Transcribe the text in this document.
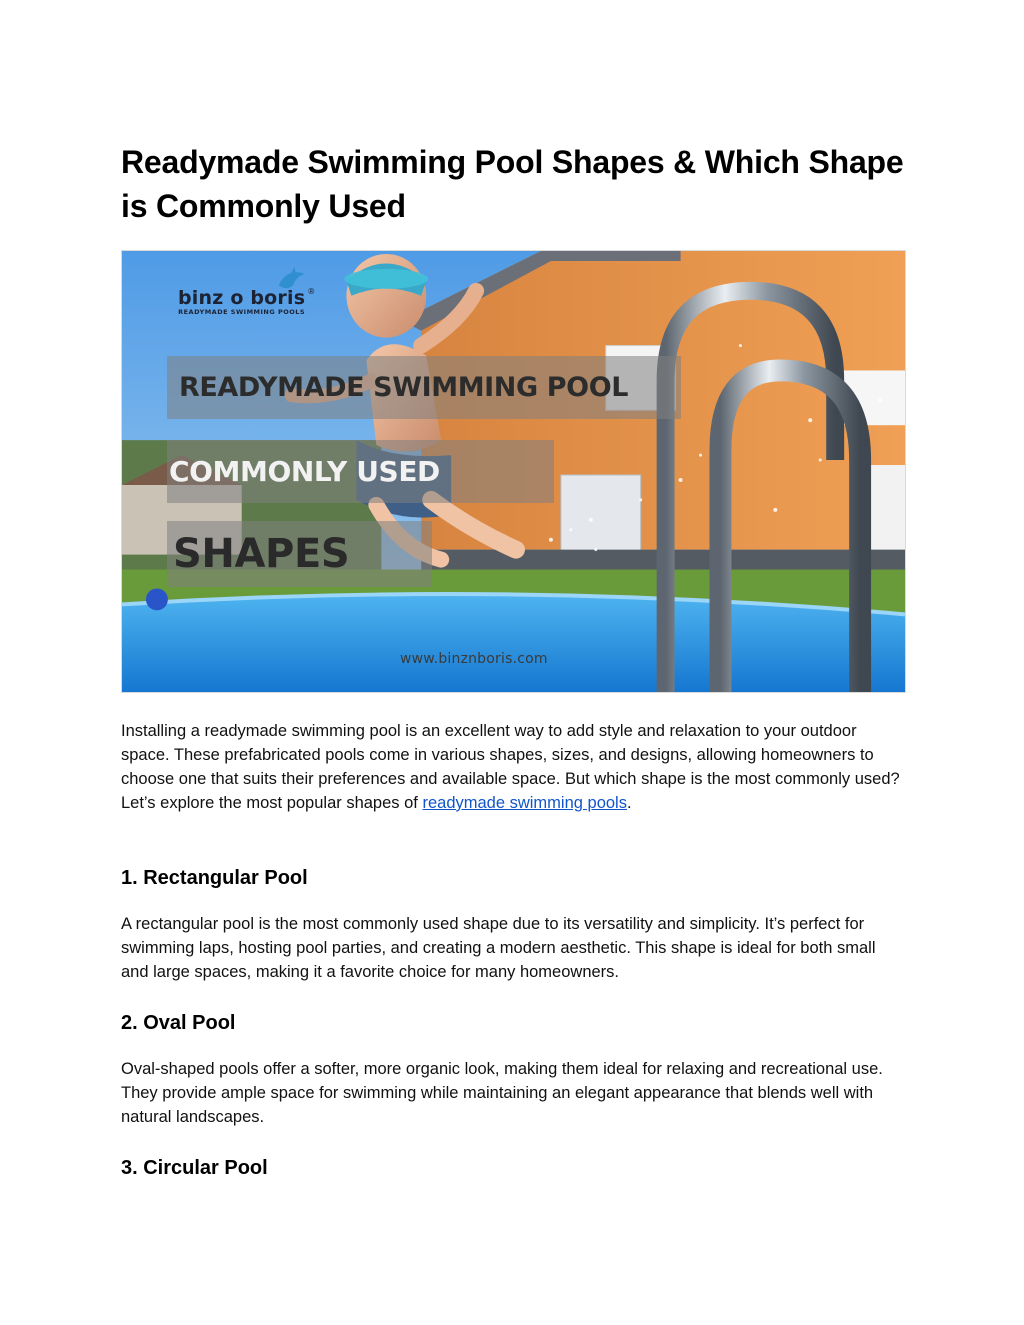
Readymade Swimming Pool Shapes & Which Shape is Commonly Used
binz o boris ®
READYMADE SWIMMING POOLS
READYMADE SWIMMING POOL
COMMONLY USED
SHAPES
www.binznboris.com

Installing a readymade swimming pool is an excellent way to add style and relaxation to your outdoor space. These prefabricated pools come in various shapes, sizes, and designs, allowing homeowners to choose one that suits their preferences and available space. But which shape is the most commonly used? Let’s explore the most popular shapes of readymade swimming pools.

1. Rectangular Pool

A rectangular pool is the most commonly used shape due to its versatility and simplicity. It’s perfect for swimming laps, hosting pool parties, and creating a modern aesthetic. This shape is ideal for both small and large spaces, making it a favorite choice for many homeowners.

2. Oval Pool

Oval-shaped pools offer a softer, more organic look, making them ideal for relaxing and recreational use. They provide ample space for swimming while maintaining an elegant appearance that blends well with natural landscapes.

3. Circular Pool
